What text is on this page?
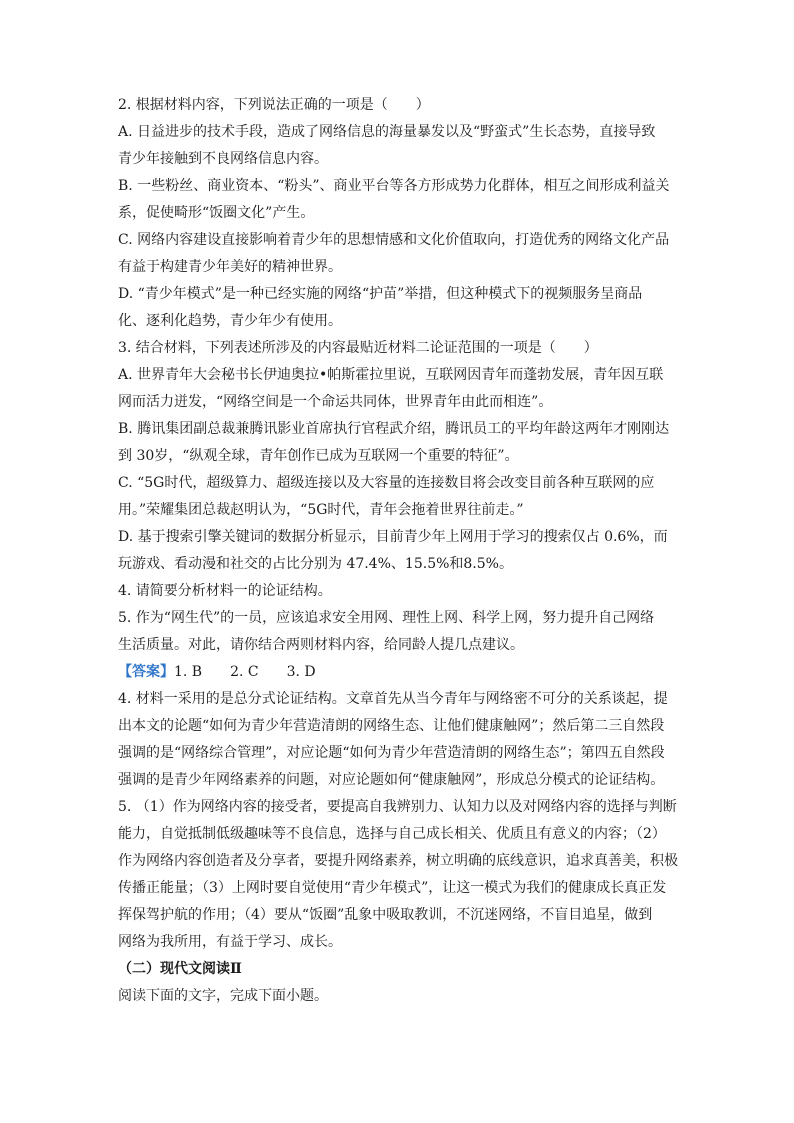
2. 根据材料内容，下列说法正确的一项是（　　）
A. 日益进步的技术手段，造成了网络信息的海量暴发以及“野蛮式”生长态势，直接导致
青少年接触到不良网络信息内容。
B. 一些粉丝、商业资本、“粉头”、商业平台等各方形成势力化群体，相互之间形成利益关
系，促使畸形“饭圈文化”产生。
C. 网络内容建设直接影响着青少年的思想情感和文化价值取向，打造优秀的网络文化产品
有益于构建青少年美好的精神世界。
D. “青少年模式”是一种已经实施的网络“护苗”举措，但这种模式下的视频服务呈商品
化、逐利化趋势，青少年少有使用。
3. 结合材料，下列表述所涉及的内容最贴近材料二论证范围的一项是（　　）
A. 世界青年大会秘书长伊迪奥拉•帕斯霍拉里说，互联网因青年而蓬勃发展，青年因互联
网而活力迸发，“网络空间是一个命运共同体，世界青年由此而相连”。
B. 腾讯集团副总裁兼腾讯影业首席执行官程武介绍，腾讯员工的平均年龄这两年才刚刚达
到 30岁，“纵观全球，青年创作已成为互联网一个重要的特征”。
C. “5G时代，超级算力、超级连接以及大容量的连接数目将会改变目前各种互联网的应
用。”荣耀集团总裁赵明认为，“5G时代，青年会拖着世界往前走。”
D. 基于搜索引擎关键词的数据分析显示，目前青少年上网用于学习的搜索仅占 0.6%，而
玩游戏、看动漫和社交的占比分别为 47.4%、15.5%和8.5%。
4. 请简要分析材料一的论证结构。
5. 作为“网生代”的一员，应该追求安全用网、理性上网、科学上网，努力提升自己网络
生活质量。对此，请你结合两则材料内容，给同龄人提几点建议。
【答案】1. B　　2. C　　3. D
4. 材料一采用的是总分式论证结构。文章首先从当今青年与网络密不可分的关系谈起，提
出本文的论题“如何为青少年营造清朗的网络生态、让他们健康触网”；然后第二三自然段
强调的是“网络综合管理”，对应论题“如何为青少年营造清朗的网络生态”；第四五自然段
强调的是青少年网络素养的问题，对应论题如何“健康触网”，形成总分模式的论证结构。
5. （1）作为网络内容的接受者，要提高自我辨别力、认知力以及对网络内容的选择与判断
能力，自觉抵制低级趣味等不良信息，选择与自己成长相关、优质且有意义的内容；（2）
作为网络内容创造者及分享者，要提升网络素养，树立明确的底线意识，追求真善美，积极
传播正能量；（3）上网时要自觉使用“青少年模式”，让这一模式为我们的健康成长真正发
挥保驾护航的作用；（4）要从“饭圈”乱象中吸取教训，不沉迷网络，不盲目追星，做到
网络为我所用，有益于学习、成长。
（二）现代文阅读Ⅱ
阅读下面的文字，完成下面小题。
